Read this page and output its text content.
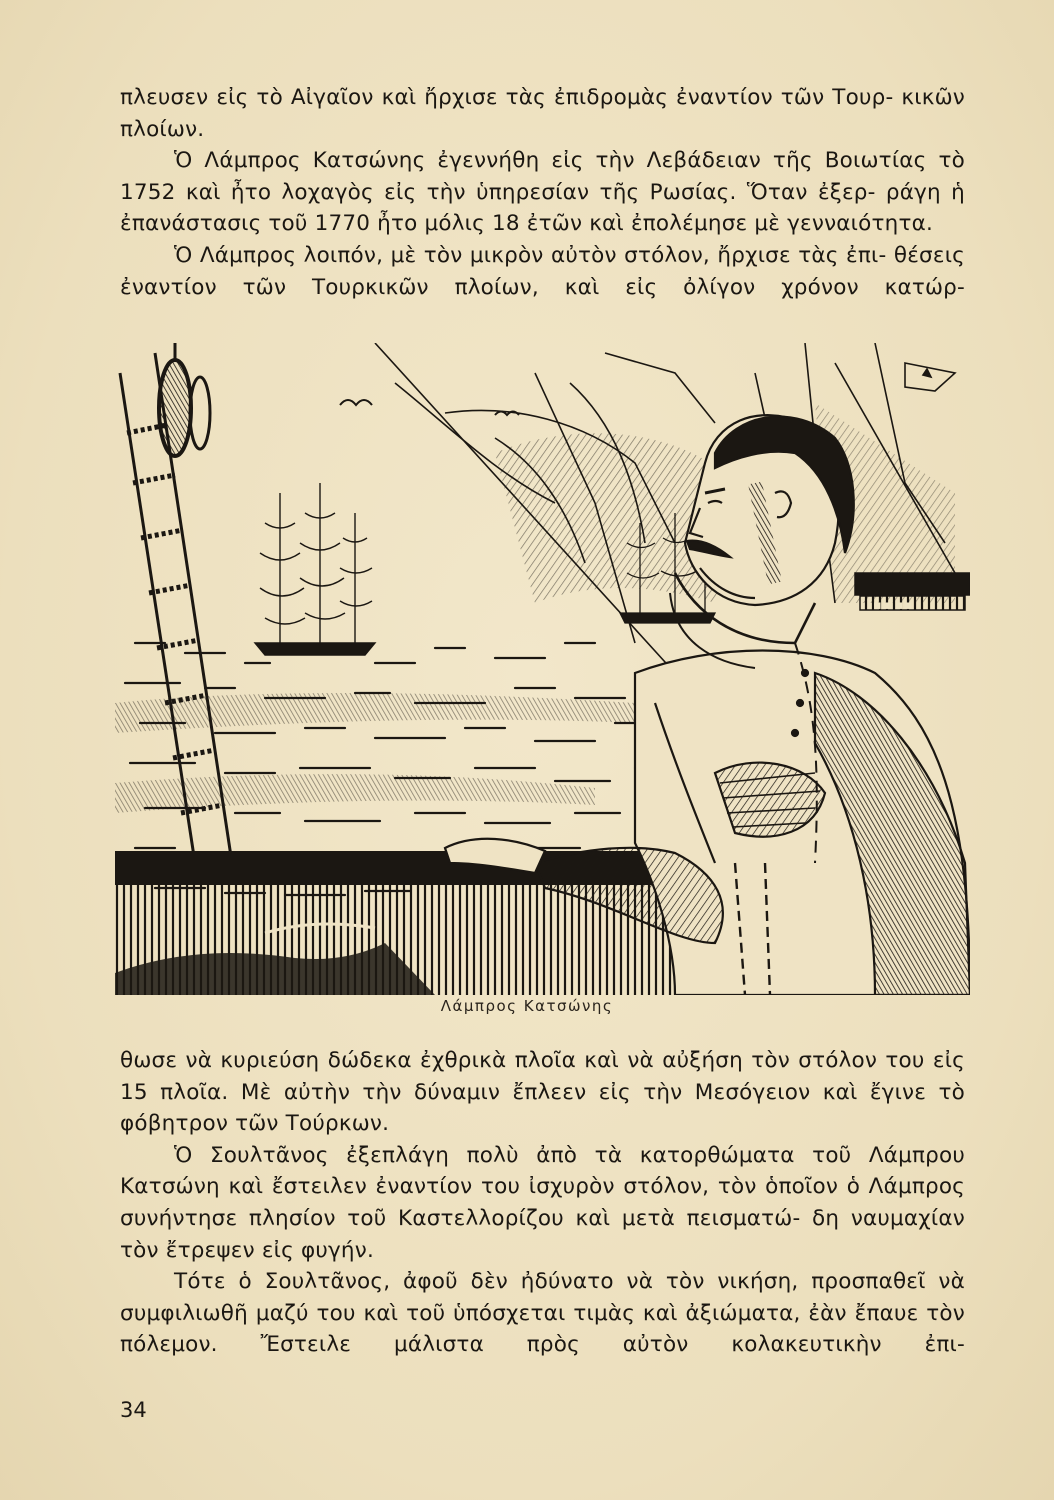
πλευσεν εἰς τὸ Αἰγαῖον καὶ ἤρχισε τὰς ἐπιδρομὰς ἐναντίον τῶν Τουρ- κικῶν πλοίων.

Ὁ Λάμπρος Κατσώνης ἐγεννήθη εἰς τὴν Λεβάδειαν τῆς Βοιωτίας τὸ 1752 καὶ ἦτο λοχαγὸς εἰς τὴν ὑπηρεσίαν τῆς Ρωσίας. Ὅταν ἐξερ- ράγη ἡ ἐπανάστασις τοῦ 1770 ἦτο μόλις 18 ἐτῶν καὶ ἐπολέμησε μὲ γενναιότητα.

Ὁ Λάμπρος λοιπόν, μὲ τὸν μικρὸν αὐτὸν στόλον, ἤρχισε τὰς ἐπι- θέσεις ἐναντίον τῶν Τουρκικῶν πλοίων, καὶ εἰς ὀλίγον χρόνον κατώρ-

▪▪ ▪▪
Λάμπρος Κατσώνης

θωσε νὰ κυριεύση δώδεκα ἐχθρικὰ πλοῖα καὶ νὰ αὐξήση τὸν στόλον του εἰς 15 πλοῖα. Μὲ αὐτὴν τὴν δύναμιν ἔπλεεν εἰς τὴν Μεσόγειον καὶ ἔγινε τὸ φόβητρον τῶν Τούρκων.

Ὁ Σουλτᾶνος ἐξεπλάγη πολὺ ἀπὸ τὰ κατορθώματα τοῦ Λάμπρου Κατσώνη καὶ ἔστειλεν ἐναντίον του ἰσχυρὸν στόλον, τὸν ὁποῖον ὁ Λάμπρος συνήντησε πλησίον τοῦ Καστελλορίζου καὶ μετὰ πεισματώ- δη ναυμαχίαν τὸν ἔτρεψεν εἰς φυγήν.

Τότε ὁ Σουλτᾶνος, ἀφοῦ δὲν ἠδύνατο νὰ τὸν νικήση, προσπαθεῖ νὰ συμφιλιωθῆ μαζύ του καὶ τοῦ ὑπόσχεται τιμὰς καὶ ἀξιώματα, ἐὰν ἔπαυε τὸν πόλεμον. Ἔστειλε μάλιστα πρὸς αὐτὸν κολακευτικὴν ἐπι-

34
